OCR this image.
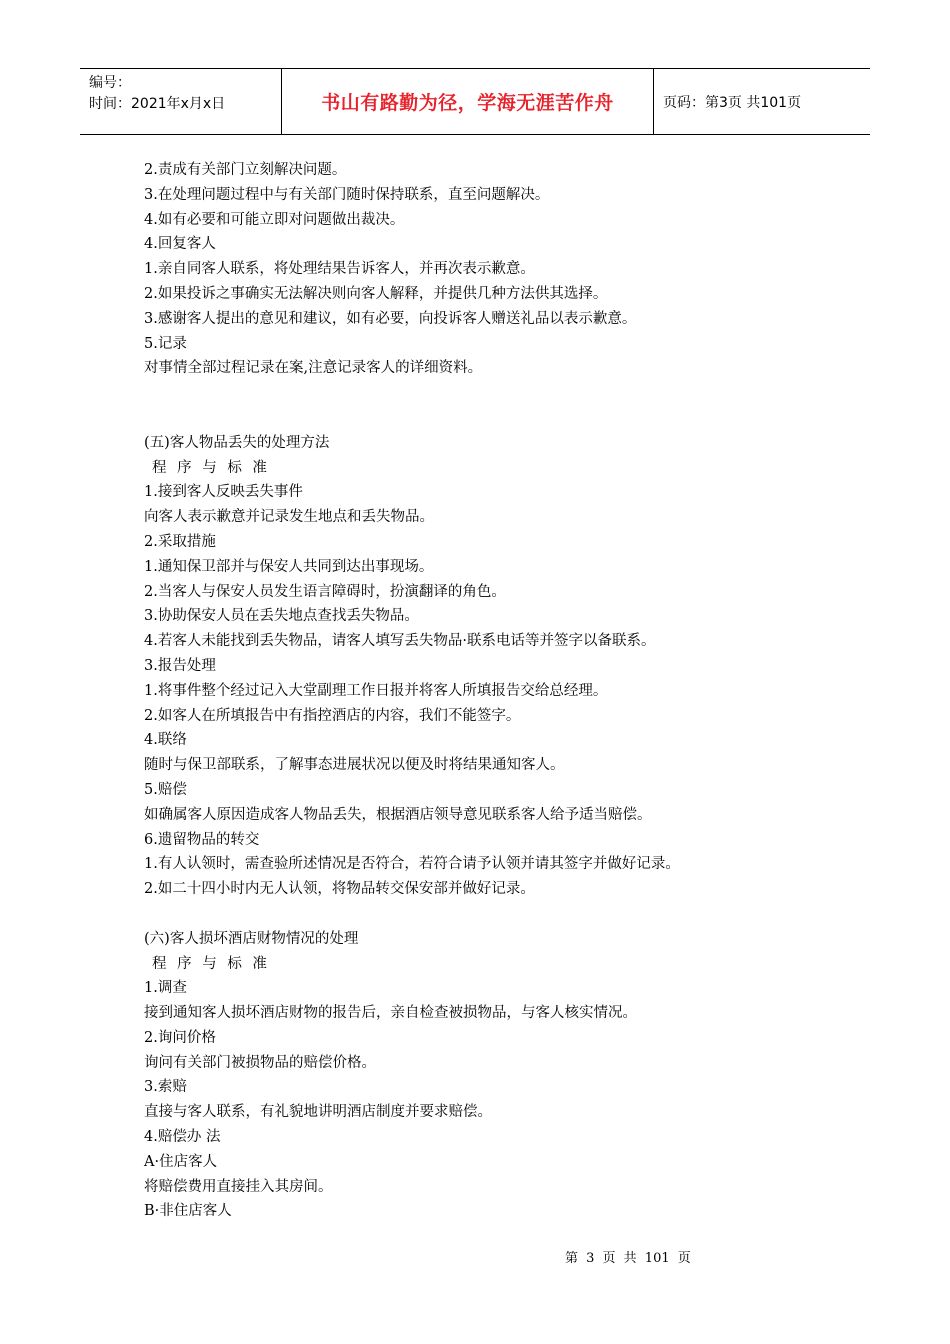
编号：
时间：2021年x月x日	书山有路勤为径，学海无涯苦作舟	页码：第3页 共101页
2.责成有关部门立刻解决问题。
3.在处理问题过程中与有关部门随时保持联系，直至问题解决。
4.如有必要和可能立即对问题做出裁决。
4.回复客人
1.亲自同客人联系，将处理结果告诉客人，并再次表示歉意。
2.如果投诉之事确实无法解决则向客人解释，并提供几种方法供其选择。
3.感谢客人提出的意见和建议，如有必要，向投诉客人赠送礼品以表示歉意。
5.记录
对事情全部过程记录在案,注意记录客人的详细资料。
(五)客人物品丢失的处理方法
程 序 与 标 准
1.接到客人反映丢失事件
向客人表示歉意并记录发生地点和丢失物品。
2.采取措施
1.通知保卫部并与保安人共同到达出事现场。
2.当客人与保安人员发生语言障碍时，扮演翻译的角色。
3.协助保安人员在丢失地点查找丢失物品。
4.若客人未能找到丢失物品，请客人填写丢失物品·联系电话等并签字以备联系。
3.报告处理
1.将事件整个经过记入大堂副理工作日报并将客人所填报告交给总经理。
2.如客人在所填报告中有指控酒店的内容，我们不能签字。
4.联络
随时与保卫部联系，了解事态进展状况以便及时将结果通知客人。
5.赔偿
如确属客人原因造成客人物品丢失，根据酒店领导意见联系客人给予适当赔偿。
6.遗留物品的转交
1.有人认领时，需查验所述情况是否符合，若符合请予认领并请其签字并做好记录。
2.如二十四小时内无人认领，将物品转交保安部并做好记录。
(六)客人损坏酒店财物情况的处理
程 序 与 标 准
1.调查
接到通知客人损坏酒店财物的报告后，亲自检查被损物品，与客人核实情况。
2.询问价格
询问有关部门被损物品的赔偿价格。
3.索赔
直接与客人联系，有礼貌地讲明酒店制度并要求赔偿。
4.赔偿办 法
A·住店客人
将赔偿费用直接挂入其房间。
B·非住店客人
第 3 页 共 101 页
